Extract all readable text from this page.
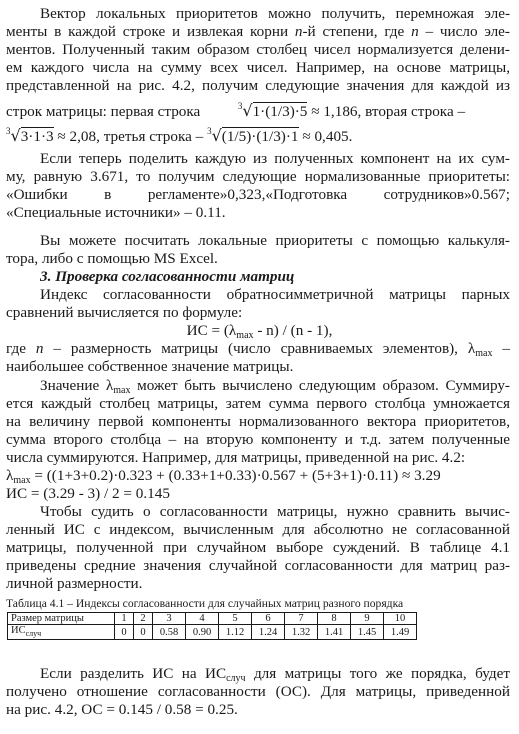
Вектор локальных приоритетов можно получить, перемножая эле-
менты в каждой строке и извлекая корни n-й степени, где n – число эле-
ментов. Полученный таким образом столбец чисел нормализуется делени-
ем каждого числа на сумму всех чисел. Например, на основе матрицы,
представленной на рис. 4.2, получим следующие значения для каждой из
строк матрицы: первая строка	$^3$√1·(1/3)·5 ≈ 1,186, вторая строка –
$^3$√3·1·3 ≈ 2,08, третья строка – $^3$√(1/5)·(1/3)·1 ≈ 0,405.
Если теперь поделить каждую из полученных компонент на их сум-
му, равную 3.671, то получим следующие нормализованные приоритеты:
«Ошибки в регламенте»0,323,«Подготовка сотрудников»0.567;
«Специальные источники» – 0.11.
Вы можете посчитать локальные приоритеты с помощью калькуля-
тора, либо с помощью MS Excel.
3. Проверка согласованности матриц
Индекс согласованности обратносимметричной матрицы парных
сравнений вычисляется по формуле:
ИС = $(\lambda_{max} - n) / (n - 1)$,
где n – размерность матрицы (число сравниваемых элементов), $\lambda_{max}$ –
наибольшее собственное значение матрицы.
Значение $\lambda_{max}$ может быть вычислено следующим образом. Суммиру-
ется каждый столбец матрицы, затем сумма первого столбца умножается
на величину первой компоненты нормализованного вектора приоритетов,
сумма второго столбца – на вторую компоненту и т.д. затем полученные
числа суммируются. Например, для матрицы, приведенной на рис. 4.2:
$\lambda_{max} = ((1+3+0.2)\cdot 0.323 + (0.33+1+0.33)\cdot 0.567 + (5+3+1)\cdot 0.11) \approx 3.29$
ИС = (3.29 - 3) / 2 = 0.145
Чтобы судить о согласованности матрицы, нужно сравнить вычис-
ленный ИС с индексом, вычисленным для абсолютно не согласованной
матрицы, полученной при случайном выборе суждений. В таблице 4.1
приведены средние значения случайной согласованности для матриц раз-
личной размерности.
Таблица 4.1 – Индексы согласованности для случайных матриц разного порядка
Размер матрицы	1	2	3	4	5	6	7	8	9	10
$ИС_{случ}$	0	0	0.58	0.90	1.12	1.24	1.32	1.41	1.45	1.49
Если разделить ИС на $ИС_{случ}$ для матрицы того же порядка, будет
получено отношение согласованности (ОС). Для матрицы, приведенной
на рис. 4.2, ОС = 0.145 / 0.58 = 0.25.
